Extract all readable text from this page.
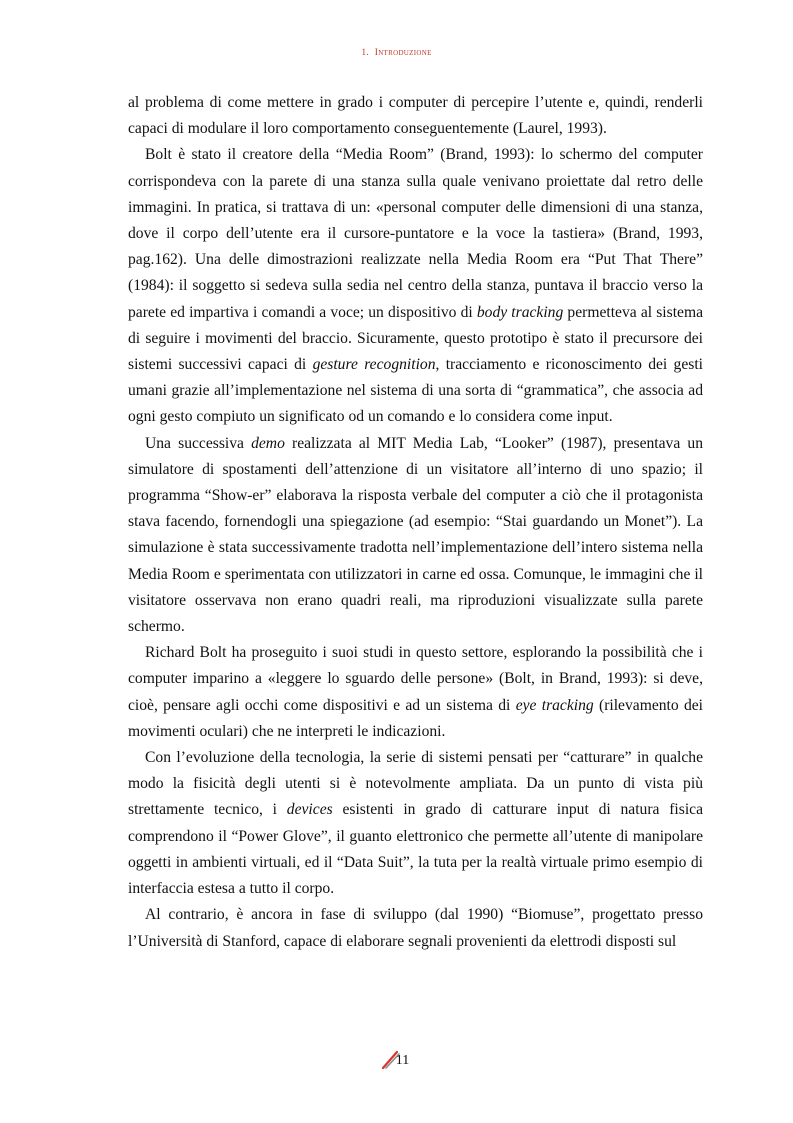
1. Introduzione

al problema di come mettere in grado i computer di percepire l’utente e, quindi, renderli capaci di modulare il loro comportamento conseguentemente (Laurel, 1993).

Bolt è stato il creatore della “Media Room” (Brand, 1993): lo schermo del computer corrispondeva con la parete di una stanza sulla quale venivano proiettate dal retro delle immagini. In pratica, si trattava di un: «personal computer delle dimensioni di una stanza, dove il corpo dell’utente era il cursore-puntatore e la voce la tastiera» (Brand, 1993, pag.162). Una delle dimostrazioni realizzate nella Media Room era “Put That There” (1984): il soggetto si sedeva sulla sedia nel centro della stanza, puntava il braccio verso la parete ed impartiva i comandi a voce; un dispositivo di body tracking permetteva al sistema di seguire i movimenti del braccio. Sicuramente, questo prototipo è stato il precursore dei sistemi successivi capaci di gesture recognition, tracciamento e riconoscimento dei gesti umani grazie all’implementazione nel sistema di una sorta di “grammatica”, che associa ad ogni gesto compiuto un significato od un comando e lo considera come input.

Una successiva demo realizzata al MIT Media Lab, “Looker” (1987), presentava un simulatore di spostamenti dell’attenzione di un visitatore all’interno di uno spazio; il programma “Show-er” elaborava la risposta verbale del computer a ciò che il protagonista stava facendo, fornendogli una spiegazione (ad esempio: “Stai guardando un Monet”). La simulazione è stata successivamente tradotta nell’implementazione dell’intero sistema nella Media Room e sperimentata con utilizzatori in carne ed ossa. Comunque, le immagini che il visitatore osservava non erano quadri reali, ma riproduzioni visualizzate sulla parete schermo.

Richard Bolt ha proseguito i suoi studi in questo settore, esplorando la possibilità che i computer imparino a «leggere lo sguardo delle persone» (Bolt, in Brand, 1993): si deve, cioè, pensare agli occhi come dispositivi e ad un sistema di eye tracking (rilevamento dei movimenti oculari) che ne interpreti le indicazioni.

Con l’evoluzione della tecnologia, la serie di sistemi pensati per “catturare” in qualche modo la fisicità degli utenti si è notevolmente ampliata. Da un punto di vista più strettamente tecnico, i devices esistenti in grado di catturare input di natura fisica comprendono il “Power Glove”, il guanto elettronico che permette all’utente di manipolare oggetti in ambienti virtuali, ed il “Data Suit”, la tuta per la realtà virtuale primo esempio di interfaccia estesa a tutto il corpo.

Al contrario, è ancora in fase di sviluppo (dal 1990) “Biomuse”, progettato presso l’Università di Stanford, capace di elaborare segnali provenienti da elettrodi disposti sul

11
